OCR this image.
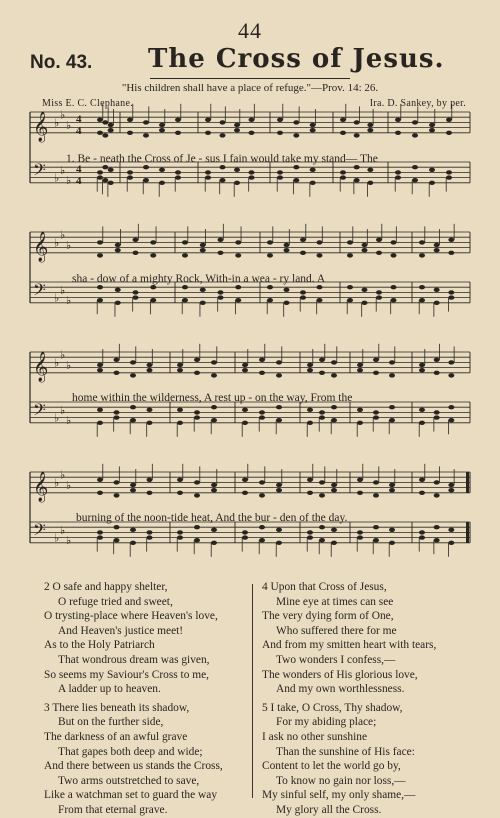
44
No. 43. The Cross of Jesus.
"His children shall have a place of refuge."—Prov. 14: 26.
Miss E. C. Clephane.	Ira. D. Sankey, by per.
𝄞 ♭
♭
♭ 4
4
𝄢 ♭
♭
♭
4
4
𝄞 ♭
♭
♭
𝄢 ♭
♭
♭
𝄞 ♭
♭
♭
𝄢 ♭
♭
♭
𝄞 ♭
♭
♭
𝄢 ♭
♭
♭
1. Be - neath the Cross of Je - sus I fain would take my stand— The
sha - dow of a mighty Rock, With-in a wea - ry land. A
home within the wilderness, A rest up - on the way, From the
burning of the noon-tide heat, And the bur - den of the day.
2 O safe and happy shelter,
O refuge tried and sweet,
O trysting-place where Heaven's love,
And Heaven's justice meet!
As to the Holy Patriarch
That wondrous dream was given,
So seems my Saviour's Cross to me,
A ladder up to heaven.
3 There lies beneath its shadow,
But on the further side,
The darkness of an awful grave
That gapes both deep and wide;
And there between us stands the Cross,
Two arms outstretched to save,
Like a watchman set to guard the way
From that eternal grave.
4 Upon that Cross of Jesus,
Mine eye at times can see
The very dying form of One,
Who suffered there for me
And from my smitten heart with tears,
Two wonders I confess,—
The wonders of His glorious love,
And my own worthlessness.
5 I take, O Cross, Thy shadow,
For my abiding place;
I ask no other sunshine
Than the sunshine of His face:
Content to let the world go by,
To know no gain nor loss,—
My sinful self, my only shame,—
My glory all the Cross.
